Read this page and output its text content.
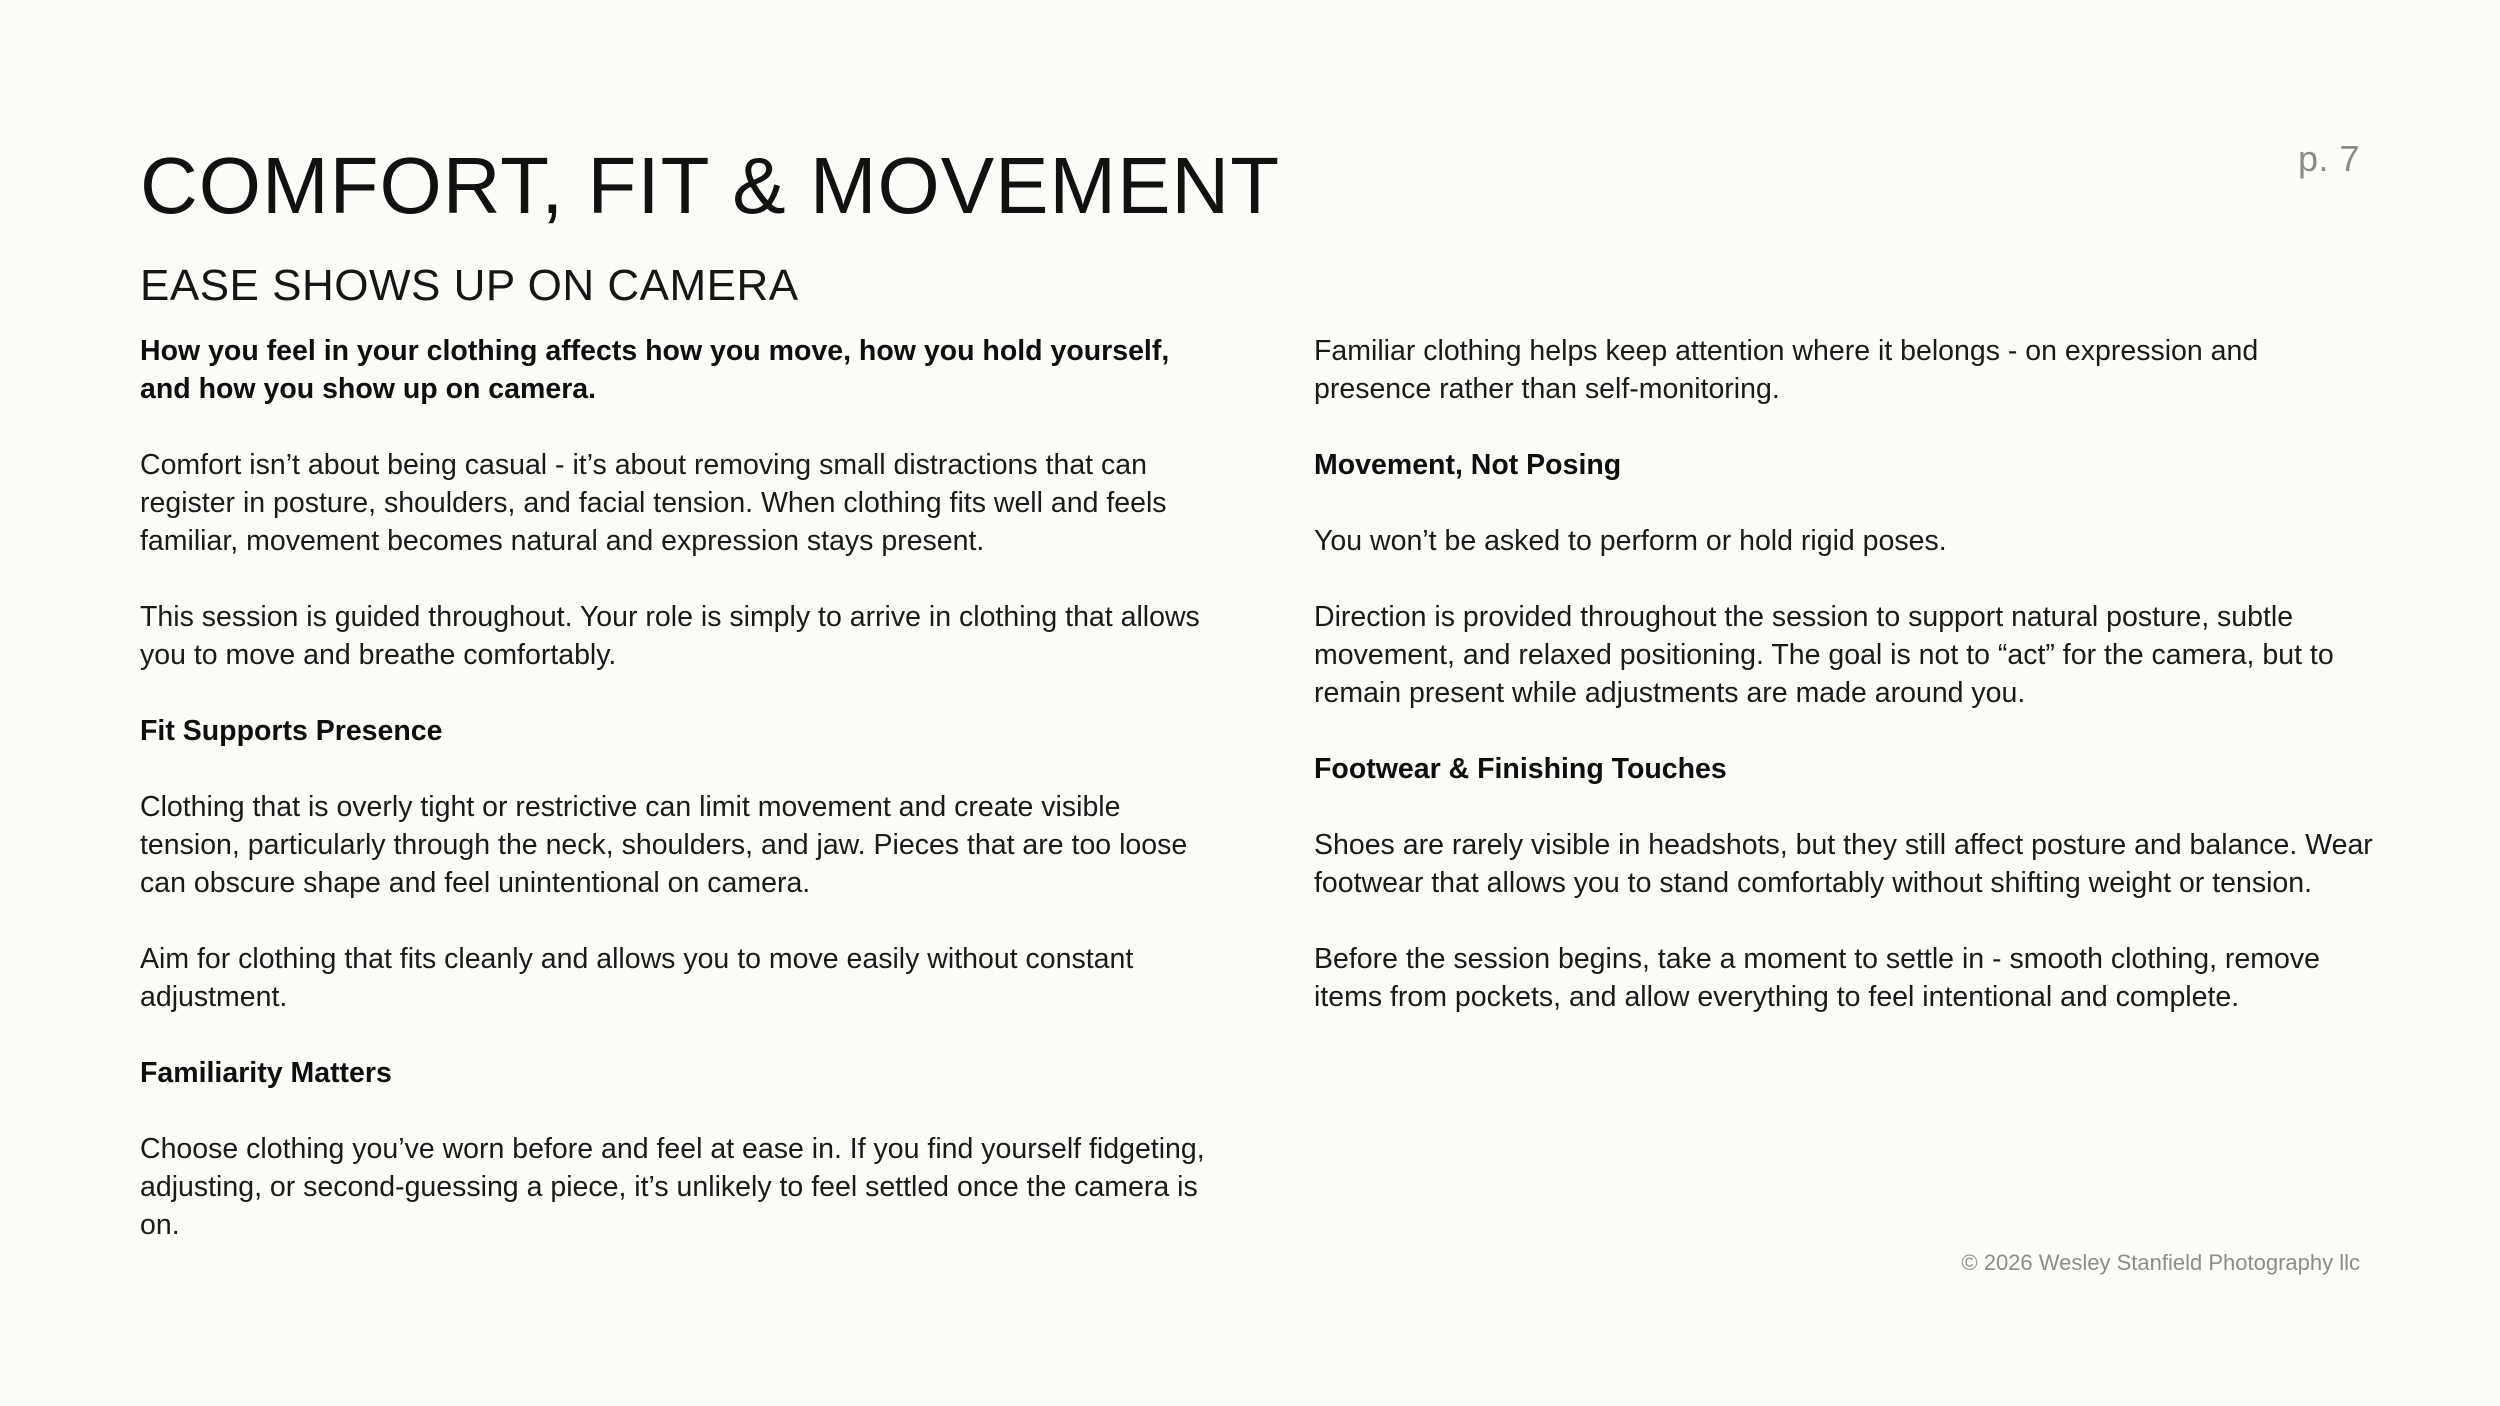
p. 7
COMFORT, FIT & MOVEMENT
EASE SHOWS UP ON CAMERA

How you feel in your clothing affects how you move, how you hold yourself, and how you show up on camera.

Comfort isn’t about being casual - it’s about removing small distractions that can register in posture, shoulders, and facial tension. When clothing fits well and feels familiar, movement becomes natural and expression stays present.

This session is guided throughout. Your role is simply to arrive in clothing that allows you to move and breathe comfortably.

Fit Supports Presence

Clothing that is overly tight or restrictive can limit movement and create visible tension, particularly through the neck, shoulders, and jaw. Pieces that are too loose can obscure shape and feel unintentional on camera.

Aim for clothing that fits cleanly and allows you to move easily without constant adjustment.

Familiarity Matters

Choose clothing you’ve worn before and feel at ease in. If you find yourself fidgeting, adjusting, or second-guessing a piece, it’s unlikely to feel settled once the camera is on.

Familiar clothing helps keep attention where it belongs - on expression and presence rather than self-monitoring.

Movement, Not Posing

You won’t be asked to perform or hold rigid poses.

Direction is provided throughout the session to support natural posture, subtle movement, and relaxed positioning. The goal is not to “act” for the camera, but to remain present while adjustments are made around you.

Footwear & Finishing Touches

Shoes are rarely visible in headshots, but they still affect posture and balance. Wear footwear that allows you to stand comfortably without shifting weight or tension.

Before the session begins, take a moment to settle in - smooth clothing, remove items from pockets, and allow everything to feel intentional and complete.

© 2026 Wesley Stanfield Photography llc
